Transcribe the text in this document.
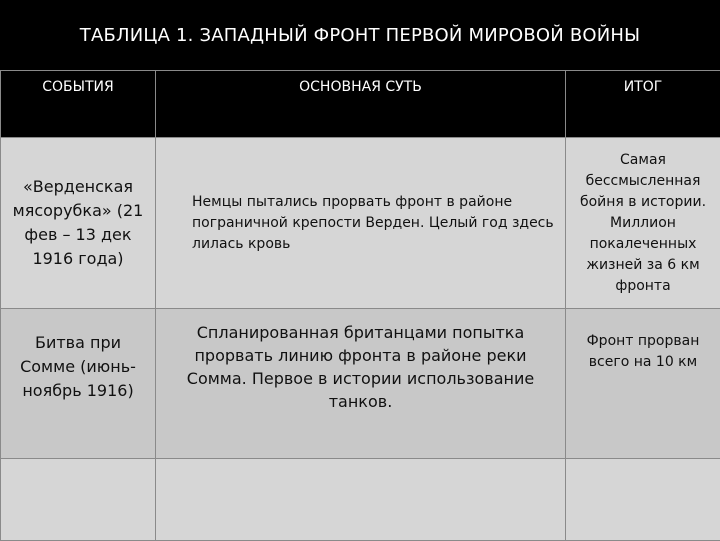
ТАБЛИЦА 1. ЗАПАДНЫЙ ФРОНТ ПЕРВОЙ МИРОВОЙ ВОЙНЫ
СОБЫТИЯ	ОСНОВНАЯ СУТЬ	ИТОГ
«Верденская мясорубка» (21 фев – 13 дек 1916 года)	Немцы пытались прорвать фронт в районе пограничной крепости Верден. Целый год здесь лилась кровь	Самая бессмысленная бойня в истории. Миллион покалеченных жизней за 6 км фронта
Битва при Сомме (июнь-ноябрь 1916)	Спланированная британцами попытка прорвать линию фронта в районе реки Сомма. Первое в истории использование танков.	Фронт прорван всего на 10 км
